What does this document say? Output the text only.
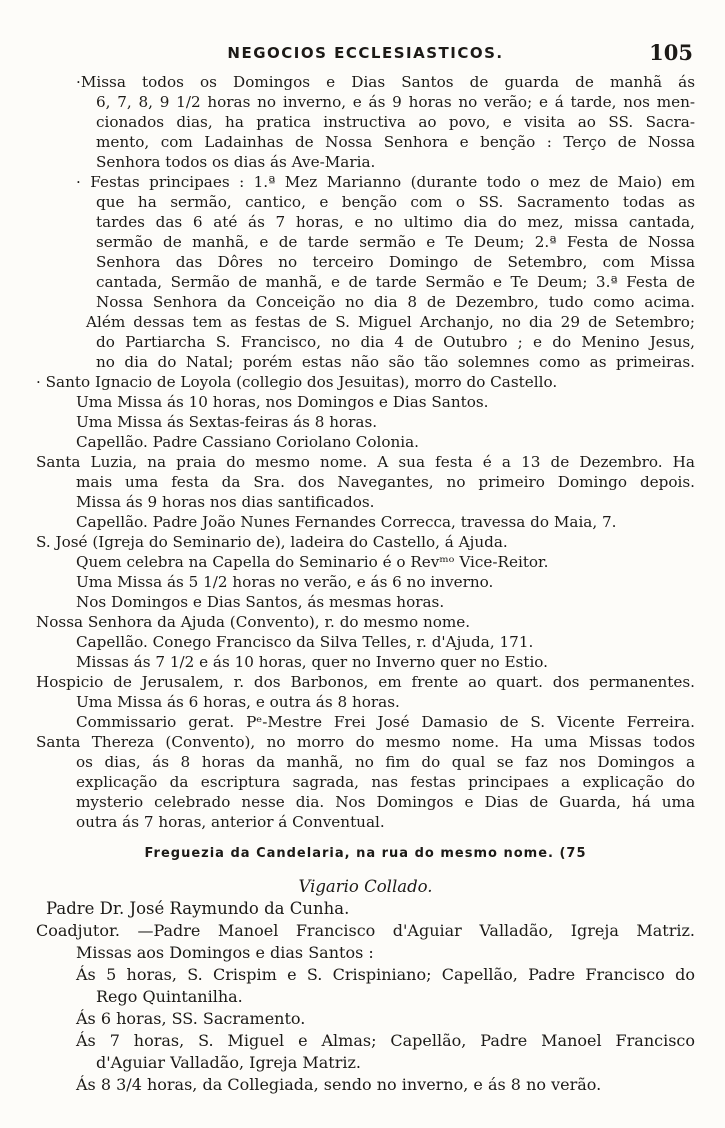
NEGOCIOS ECCLESIASTICOS.	105
·Missa todos os Domingos e Dias Santos de guarda de manhã ás
6, 7, 8, 9 1/2 horas no inverno, e ás 9 horas no verão; e á tarde, nos men-
cionados dias, ha pratica instructiva ao povo, e visita ao SS. Sacra-
mento, com Ladainhas de Nossa Senhora e benção : Terço de Nossa
Senhora todos os dias ás Ave-Maria.
· Festas principaes : 1.ª Mez Marianno (durante todo o mez de Maio) em
que ha sermão, cantico, e benção com o SS. Sacramento todas as
tardes das 6 até ás 7 horas, e no ultimo dia do mez, missa cantada,
sermão de manhã, e de tarde sermão e Te Deum; 2.ª Festa de Nossa
Senhora das Dôres no terceiro Domingo de Setembro, com Missa
cantada, Sermão de manhã, e de tarde Sermão e Te Deum; 3.ª Festa de
Nossa Senhora da Conceição no dia 8 de Dezembro, tudo como acima.
Além dessas tem as festas de S. Miguel Archanjo, no dia 29 de Setembro;
do Partiarcha S. Francisco, no dia 4 de Outubro ; e do Menino Jesus,
no dia do Natal; porém estas não são tão solemnes como as primeiras.
· Santo Ignacio de Loyola (collegio dos Jesuitas), morro do Castello.
Uma Missa ás 10 horas, nos Domingos e Dias Santos.
Uma Missa ás Sextas-feiras ás 8 horas.
Capellão. Padre Cassiano Coriolano Colonia.
Santa Luzia, na praia do mesmo nome. A sua festa é a 13 de Dezembro. Ha
mais uma festa da Sra. dos Navegantes, no primeiro Domingo depois.
Missa ás 9 horas nos dias santificados.
Capellão. Padre João Nunes Fernandes Correcca, travessa do Maia, 7.
S. José (Igreja do Seminario de), ladeira do Castello, á Ajuda.
Quem celebra na Capella do Seminario é o Revᵐᵒ Vice-Reitor.
Uma Missa ás 5 1/2 horas no verão, e ás 6 no inverno.
Nos Domingos e Dias Santos, ás mesmas horas.
Nossa Senhora da Ajuda (Convento), r. do mesmo nome.
Capellão. Conego Francisco da Silva Telles, r. d'Ajuda, 171.
Missas ás 7 1/2 e ás 10 horas, quer no Inverno quer no Estio.
Hospicio de Jerusalem, r. dos Barbonos, em frente ao quart. dos permanentes.
Uma Missa ás 6 horas, e outra ás 8 horas.
Commissario gerat. Pᵉ-Mestre Frei José Damasio de S. Vicente Ferreira.
Santa Thereza (Convento), no morro do mesmo nome. Ha uma Missas todos
os dias, ás 8 horas da manhã, no fim do qual se faz nos Domingos a
explicação da escriptura sagrada, nas festas principaes a explicação do
mysterio celebrado nesse dia. Nos Domingos e Dias de Guarda, há uma
outra ás 7 horas, anterior á Conventual.
Freguezia da Candelaria, na rua do mesmo nome. (75
Vigario Collado.
Padre Dr. José Raymundo da Cunha.
Coadjutor. —Padre Manoel Francisco d'Aguiar Valladão, Igreja Matriz.
Missas aos Domingos e dias Santos :
Ás 5 horas, S. Crispim e S. Crispiniano; Capellão, Padre Francisco do
Rego Quintanilha.
Ás 6 horas, SS. Sacramento.
Ás 7 horas, S. Miguel e Almas; Capellão, Padre Manoel Francisco
d'Aguiar Valladão, Igreja Matriz.
Ás 8 3/4 horas, da Collegiada, sendo no inverno, e ás 8 no verão.
